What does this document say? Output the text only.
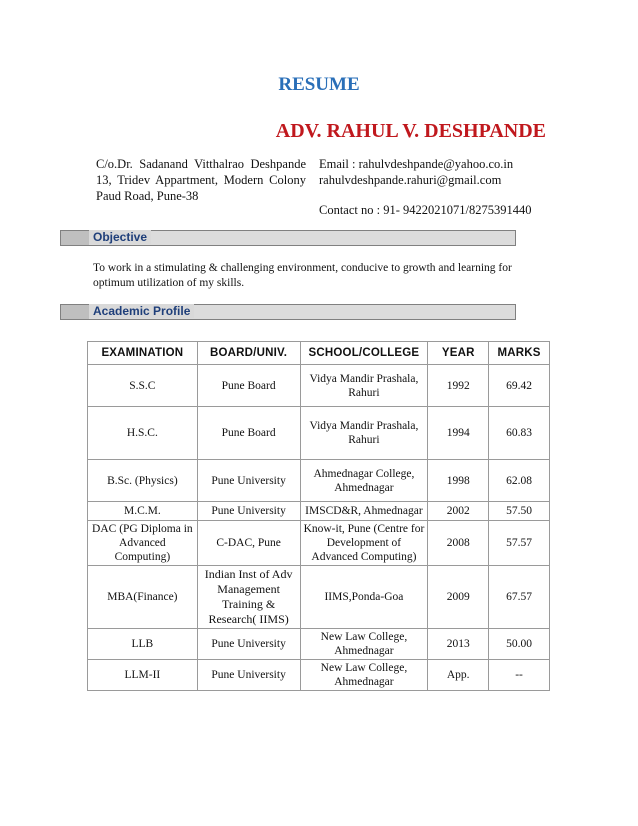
RESUME
ADV. RAHUL V. DESHPANDE
C/o.Dr. Sadanand Vitthalrao Deshpande
13, Tridev Appartment, Modern Colony
Paud Road, Pune-38
Email : rahulvdeshpande@yahoo.co.in
rahulvdeshpande.rahuri@gmail.com
Contact no : 91- 9422021071/8275391440
Objective
To work in a stimulating & challenging environment, conducive to growth and learning for optimum utilization of my skills.
Academic Profile
EXAMINATION	BOARD/UNIV.	SCHOOL/COLLEGE	YEAR	MARKS
S.S.C	Pune Board	Vidya Mandir Prashala, Rahuri	1992	69.42
H.S.C.	Pune Board	Vidya Mandir Prashala, Rahuri	1994	60.83
B.Sc. (Physics)	Pune University	Ahmednagar College, Ahmednagar	1998	62.08
M.C.M.	Pune University	IMSCD&R, Ahmednagar	2002	57.50
DAC (PG Diploma in Advanced Computing)	C-DAC, Pune	Know-it, Pune (Centre for Development of Advanced Computing)	2008	57.57
MBA(Finance)	Indian Inst of Adv Management Training & Research( IIMS)	IIMS,Ponda-Goa	2009	67.57
LLB	Pune University	New Law College, Ahmednagar	2013	50.00
LLM-II	Pune University	New Law College, Ahmednagar	App.	--
